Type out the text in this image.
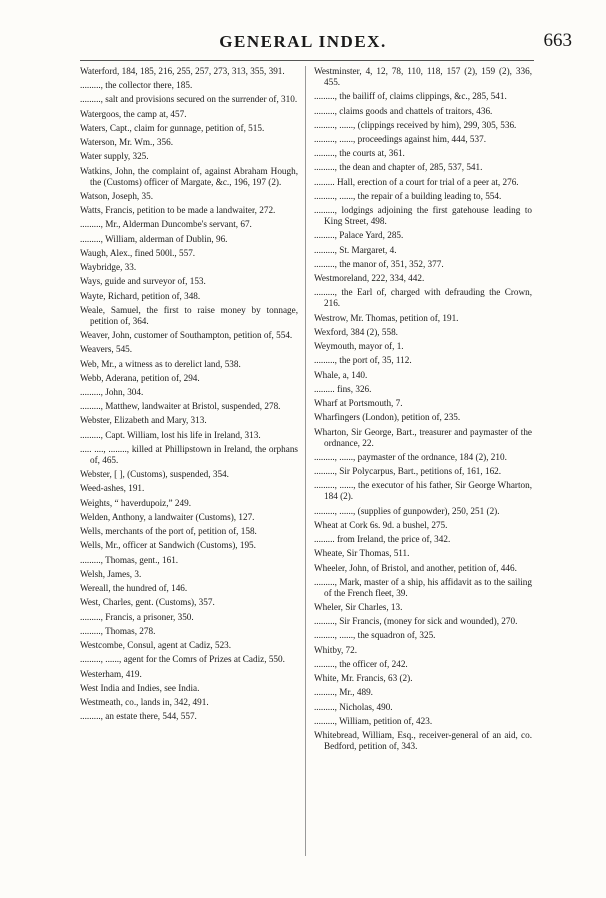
GENERAL INDEX.	663
Waterford, 184, 185, 216, 255, 257, 273, 313, 355, 391.
........., the collector there, 185.
........., salt and provisions secured on the surrender of, 310.
Watergoos, the camp at, 457.
Waters, Capt., claim for gunnage, petition of, 515.
Waterson, Mr. Wm., 356.
Water supply, 325.
Watkins, John, the complaint of, against Abraham Hough, the (Customs) officer of Margate, &c., 196, 197 (2).
Watson, Joseph, 35.
Watts, Francis, petition to be made a landwaiter, 272.
........., Mr., Alderman Duncombe's servant, 67.
........., William, alderman of Dublin, 96.
Waugh, Alex., fined 500l., 557.
Waybridge, 33.
Ways, guide and surveyor of, 153.
Wayte, Richard, petition of, 348.
Weale, Samuel, the first to raise money by tonnage, petition of, 364.
Weaver, John, customer of Southampton, petition of, 554.
Weavers, 545.
Web, Mr., a witness as to derelict land, 538.
Webb, Aderana, petition of, 294.
........., John, 304.
........., Matthew, landwaiter at Bristol, suspended, 278.
Webster, Elizabeth and Mary, 313.
........., Capt. William, lost his life in Ireland, 313.
..... ...., ........, killed at Phillipstown in Ireland, the orphans of, 465.
Webster, [ ], (Customs), suspended, 354.
Weed-ashes, 191.
Weights, “ haverdupoiz,” 249.
Welden, Anthony, a landwaiter (Customs), 127.
Wells, merchants of the port of, petition of, 158.
Wells, Mr., officer at Sandwich (Customs), 195.
........., Thomas, gent., 161.
Welsh, James, 3.
Wereall, the hundred of, 146.
West, Charles, gent. (Customs), 357.
........., Francis, a prisoner, 350.
........., Thomas, 278.
Westcombe, Consul, agent at Cadiz, 523.
........., ......, agent for the Comrs of Prizes at Cadiz, 550.
Westerham, 419.
West India and Indies, see India.
Westmeath, co., lands in, 342, 491.
........., an estate there, 544, 557.
Westminster, 4, 12, 78, 110, 118, 157 (2), 159 (2), 336, 455.
........., the bailiff of, claims clippings, &c., 285, 541.
........., claims goods and chattels of traitors, 436.
........., ......, (clippings received by him), 299, 305, 536.
........., ......, proceedings against him, 444, 537.
........., the courts at, 361.
........., the dean and chapter of, 285, 537, 541.
......... Hall, erection of a court for trial of a peer at, 276.
........., ......, the repair of a building leading to, 554.
........., lodgings adjoining the first gatehouse leading to King Street, 498.
........., Palace Yard, 285.
........., St. Margaret, 4.
........., the manor of, 351, 352, 377.
Westmoreland, 222, 334, 442.
........., the Earl of, charged with defrauding the Crown, 216.
Westrow, Mr. Thomas, petition of, 191.
Wexford, 384 (2), 558.
Weymouth, mayor of, 1.
........., the port of, 35, 112.
Whale, a, 140.
......... fins, 326.
Wharf at Portsmouth, 7.
Wharfingers (London), petition of, 235.
Wharton, Sir George, Bart., treasurer and paymaster of the ordnance, 22.
........., ......, paymaster of the ordnance, 184 (2), 210.
........., Sir Polycarpus, Bart., petitions of, 161, 162.
........., ......, the executor of his father, Sir George Wharton, 184 (2).
........., ......, (supplies of gunpowder), 250, 251 (2).
Wheat at Cork 6s. 9d. a bushel, 275.
......... from Ireland, the price of, 342.
Wheate, Sir Thomas, 511.
Wheeler, John, of Bristol, and another, petition of, 446.
........., Mark, master of a ship, his affidavit as to the sailing of the French fleet, 39.
Wheler, Sir Charles, 13.
........., Sir Francis, (money for sick and wounded), 270.
........., ......, the squadron of, 325.
Whitby, 72.
........., the officer of, 242.
White, Mr. Francis, 63 (2).
........., Mr., 489.
........., Nicholas, 490.
........., William, petition of, 423.
Whitebread, William, Esq., receiver-general of an aid, co. Bedford, petition of, 343.
